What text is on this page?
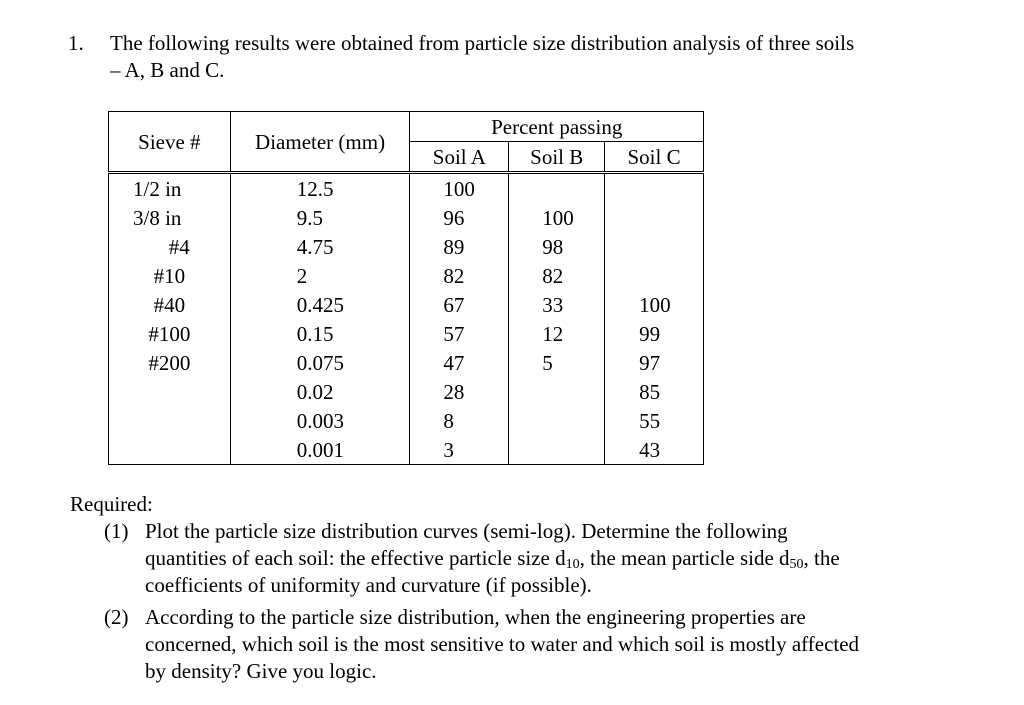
1. The following results were obtained from particle size distribution analysis of three soils
– A, B and C.
Sieve #	Diameter (mm)	Percent passing		
		Soil A	Soil B	Soil C
1/2 in	12.5	100		
3/8 in	9.5	96	100	
#4	4.75	89	98	
#10	2	82	82	
#40	0.425	67	33	100
#100	0.15	57	12	99
#200	0.075	47	5	97
	0.02	28		85
	0.003	8		55
	0.001	3		43
Required:
(1) Plot the particle size distribution curves (semi-log). Determine the following
quantities of each soil: the effective particle size $d_{10}$, the mean particle side $d_{50}$, the
coefficients of uniformity and curvature (if possible).
(2) According to the particle size distribution, when the engineering properties are
concerned, which soil is the most sensitive to water and which soil is mostly affected
by density? Give you logic.
